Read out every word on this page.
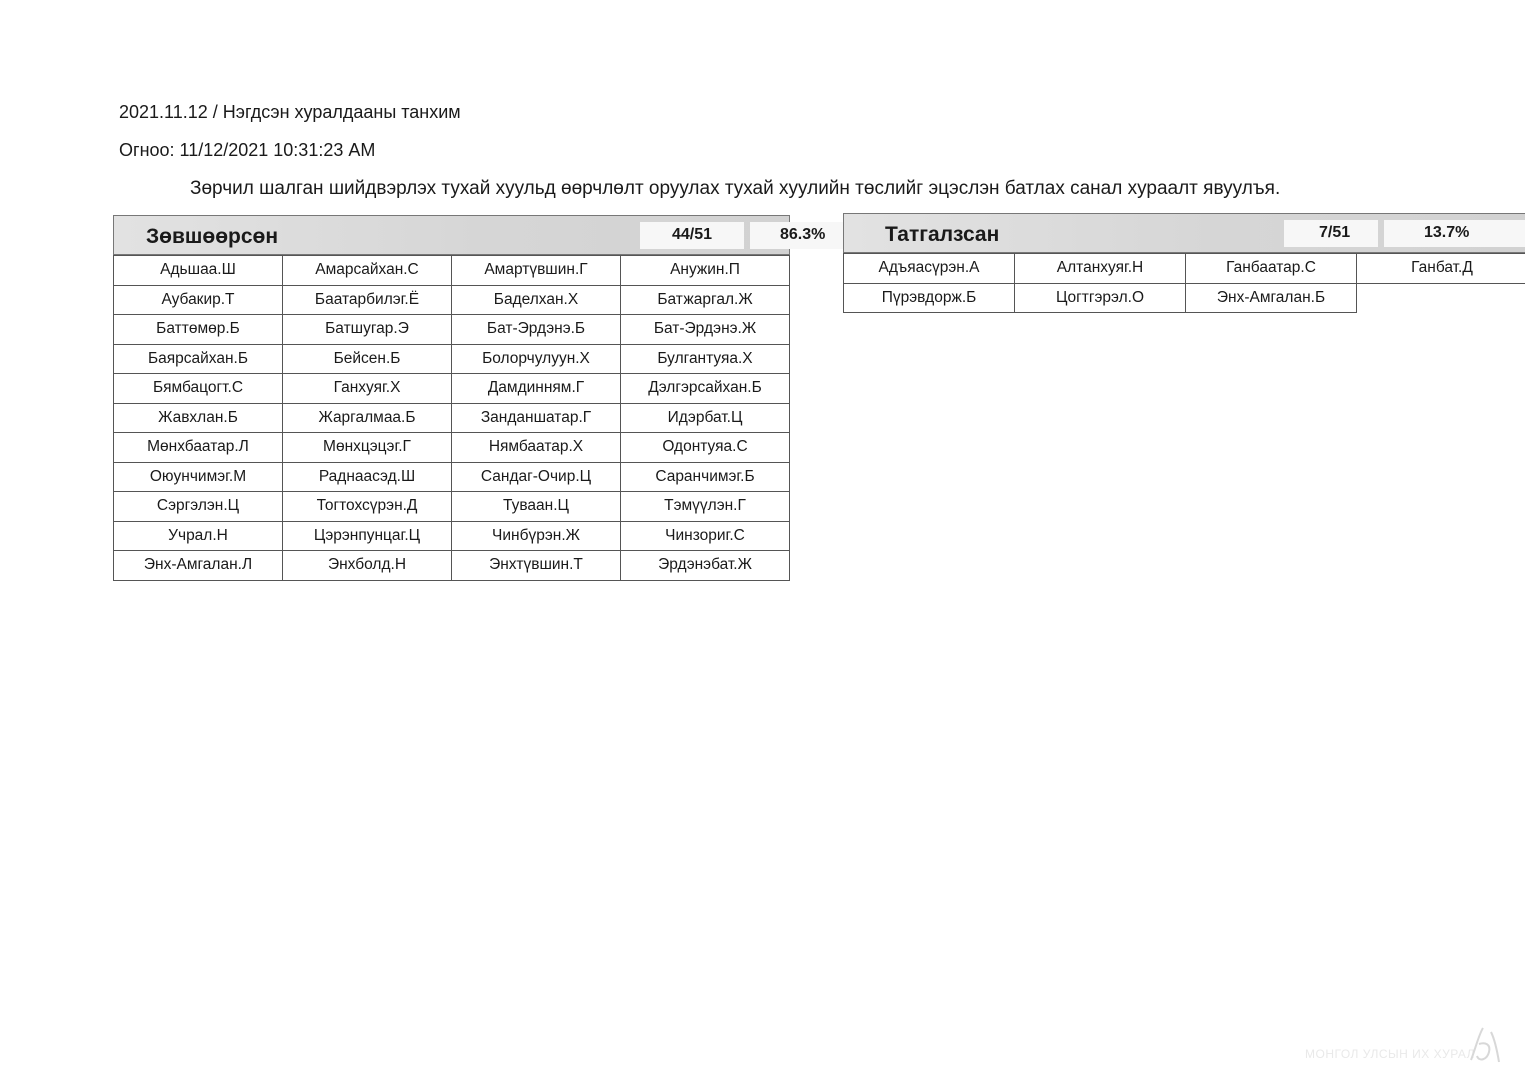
2021.11.12 / Нэгдсэн хуралдааны танхим
Огноо: 11/12/2021 10:31:23 AM
Зөрчил шалган шийдвэрлэх тухай хуульд өөрчлөлт оруулах тухай хуулийн төслийг эцэслэн батлах санал хураалт явуулъя.
Зөвшөөрсөн	44/51	86.3%
Адьшаа.Ш	Амарсайхан.С	Амартүвшин.Г	Анужин.П
Аубакир.Т	Баатарбилэг.Ё	Баделхан.Х	Батжаргал.Ж
Баттөмөр.Б	Батшугар.Э	Бат-Эрдэнэ.Б	Бат-Эрдэнэ.Ж
Баярсайхан.Б	Бейсен.Б	Болорчулуун.Х	Булгантуяа.Х
Бямбацогт.С	Ганхуяг.Х	Дамдинням.Г	Дэлгэрсайхан.Б
Жавхлан.Б	Жаргалмаа.Б	Занданшатар.Г	Идэрбат.Ц
Мөнхбаатар.Л	Мөнхцэцэг.Г	Нямбаатар.Х	Одонтуяа.С
Оюунчимэг.М	Раднаасэд.Ш	Сандаг-Очир.Ц	Саранчимэг.Б
Сэргэлэн.Ц	Тогтохсүрэн.Д	Туваан.Ц	Тэмүүлэн.Г
Учрал.Н	Цэрэнпунцаг.Ц	Чинбүрэн.Ж	Чинзориг.С
Энх-Амгалан.Л	Энхболд.Н	Энхтүвшин.Т	Эрдэнэбат.Ж
Татгалзсан	7/51	13.7%
Адъяасүрэн.А	Алтанхуяг.Н	Ганбаатар.С	Ганбат.Д
Пүрэвдорж.Б	Цогтгэрэл.О	Энх-Амгалан.Б	
МОНГОЛ УЛСЫН ИХ ХУРАЛ
